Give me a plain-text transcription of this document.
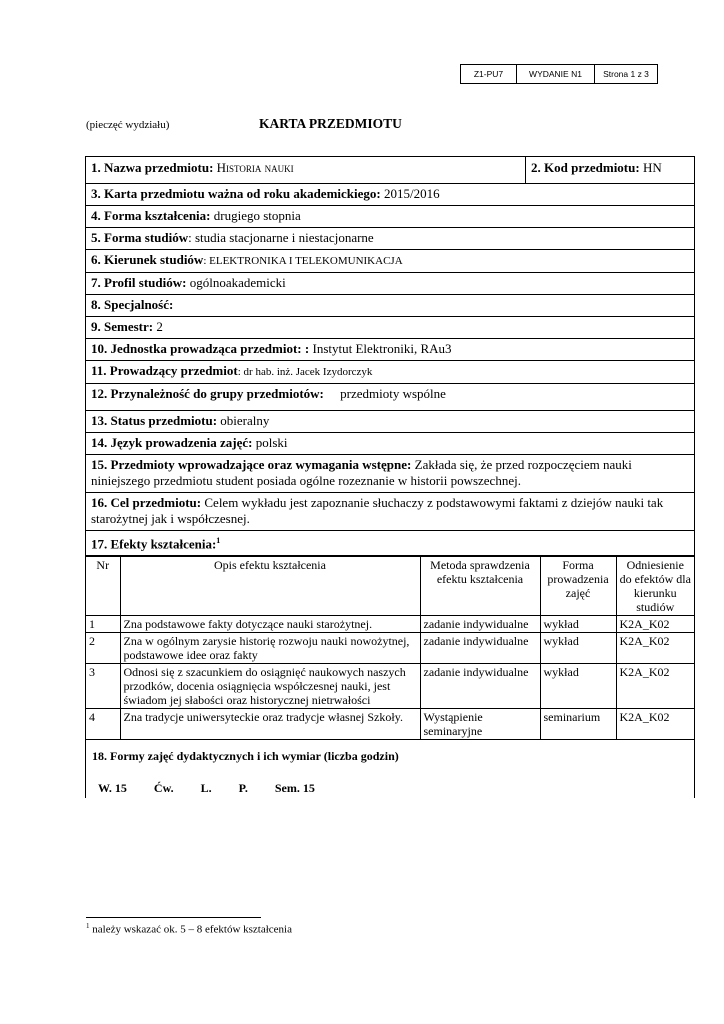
Z1-PU7	WYDANIE N1	Strona 1 z 3
(pieczęć wydziału)	KARTA PRZEDMIOTU
1. Nazwa przedmiotu: Historia nauki	2. Kod przedmiotu: HN
3. Karta przedmiotu ważna od roku akademickiego: 2015/2016
4. Forma kształcenia: drugiego stopnia
5. Forma studiów: studia stacjonarne i niestacjonarne
6. Kierunek studiów: ELEKTRONIKA I TELEKOMUNIKACJA
7. Profil studiów: ogólnoakademicki
8. Specjalność:
9. Semestr: 2
10. Jednostka prowadząca przedmiot: : Instytut Elektroniki, RAu3
11. Prowadzący przedmiot: dr hab. inż. Jacek Izydorczyk
12. Przynależność do grupy przedmiotów: przedmioty wspólne
13. Status przedmiotu: obieralny
14. Język prowadzenia zajęć: polski
15. Przedmioty wprowadzające oraz wymagania wstępne: Zakłada się, że przed rozpoczęciem nauki niniejszego przedmiotu student posiada ogólne rozeznanie w historii powszechnej.
16. Cel przedmiotu: Celem wykładu jest zapoznanie słuchaczy z podstawowymi faktami z dziejów nauki tak starożytnej jak i współczesnej.
17. Efekty kształcenia:$^1$
Nr	Opis efektu kształcenia	Metoda sprawdzenia efektu kształcenia	Forma prowadzenia zajęć	Odniesienie do efektów dla kierunku studiów
1	Zna podstawowe fakty dotyczące nauki starożytnej.	zadanie indywidualne	wykład	K2A_K02
2	Zna w ogólnym zarysie historię rozwoju nauki nowożytnej, podstawowe idee oraz fakty	zadanie indywidualne	wykład	K2A_K02
3	Odnosi się z szacunkiem do osiągnięć naukowych naszych przodków, docenia osiągnięcia współczesnej nauki, jest świadom jej słabości oraz historycznej nietrwałości	zadanie indywidualne	wykład	K2A_K02
4	Zna tradycje uniwersyteckie oraz tradycje własnej Szkoły.	Wystąpienie seminaryjne	seminarium	K2A_K02
18. Formy zajęć dydaktycznych i ich wymiar (liczba godzin)
W. 15 Ćw. L. P. Sem. 15
$^1$ należy wskazać ok. 5 – 8 efektów kształcenia
